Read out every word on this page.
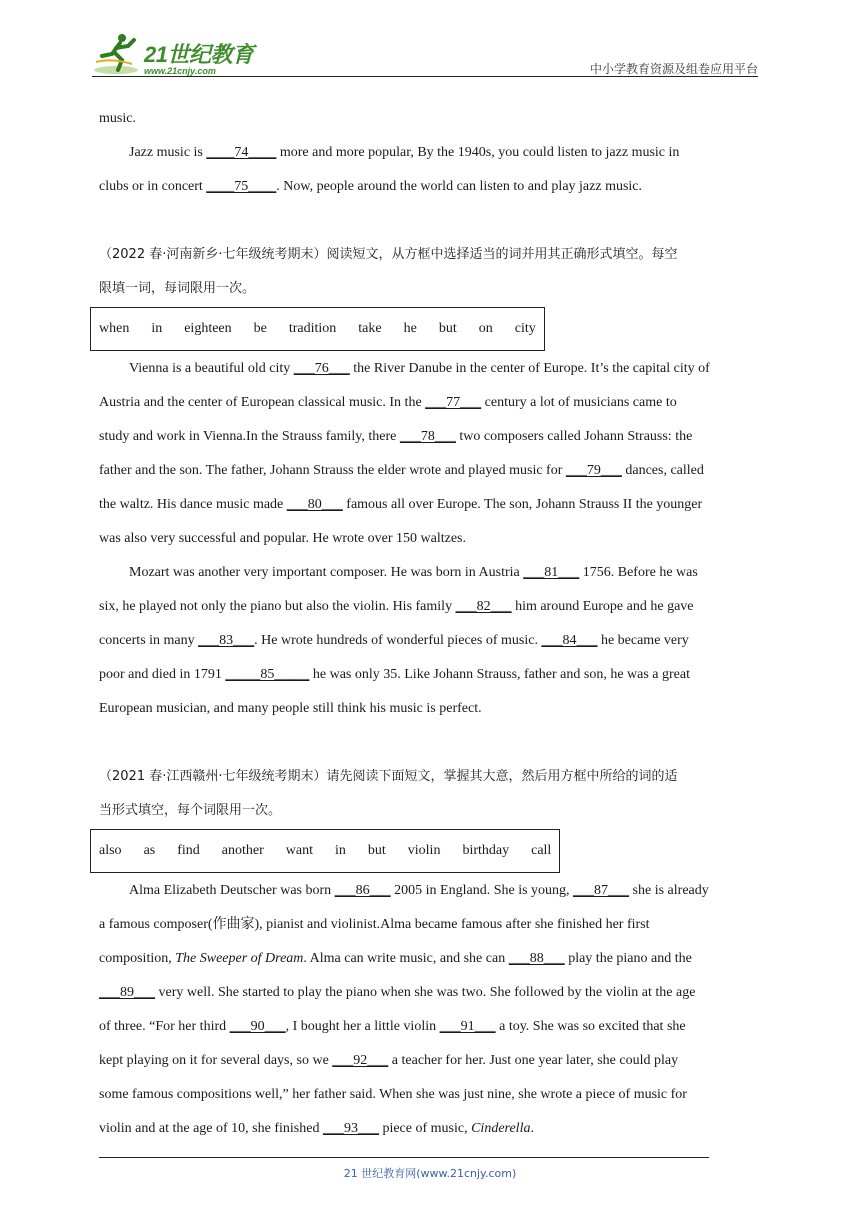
21世纪教育
www.21cnjy.com	中小学教育资源及组卷应用平台

music.

Jazz music is ____74____ more and more popular, By the 1940s, you could listen to jazz music in

clubs or in concert ____75____. Now, people around the world can listen to and play jazz music.

（2022 春·河南新乡·七年级统考期末）阅读短文，从方框中选择适当的词并用其正确形式填空。每空

限填一词，每词限用一次。

when in eighteen be tradition take he but on city

Vienna is a beautiful old city ___76___ the River Danube in the center of Europe. It’s the capital city of

Austria and the center of European classical music. In the ___77___ century a lot of musicians came to

study and work in Vienna.In the Strauss family, there ___78___ two composers called Johann Strauss: the

father and the son. The father, Johann Strauss the elder wrote and played music for ___79___ dances, called

the waltz. His dance music made ___80___ famous all over Europe. The son, Johann Strauss II the younger

was also very successful and popular. He wrote over 150 waltzes.

Mozart was another very important composer. He was born in Austria ___81___ 1756. Before he was

six, he played not only the piano but also the violin. His family ___82___ him around Europe and he gave

concerts in many ___83___. He wrote hundreds of wonderful pieces of music. ___84___ he became very

poor and died in 1791 _____85_____ he was only 35. Like Johann Strauss, father and son, he was a great

European musician, and many people still think his music is perfect.

（2021 春·江西赣州·七年级统考期末）请先阅读下面短文，掌握其大意，然后用方框中所给的词的适

当形式填空，每个词限用一次。

also as find another want in but violin birthday call

Alma Elizabeth Deutscher was born ___86___ 2005 in England. She is young, ___87___ she is already

a famous composer(作曲家), pianist and violinist.Alma became famous after she finished her first

composition, The Sweeper of Dream. Alma can write music, and she can ___88___ play the piano and the

___89___ very well. She started to play the piano when she was two. She followed by the violin at the age

of three. “For her third ___90___, I bought her a little violin ___91___ a toy. She was so excited that she

kept playing on it for several days, so we ___92___ a teacher for her. Just one year later, she could play

some famous compositions well,” her father said. When she was just nine, she wrote a piece of music for

violin and at the age of 10, she finished ___93___ piece of music, Cinderella.

21 世纪教育网(www.21cnjy.com)
